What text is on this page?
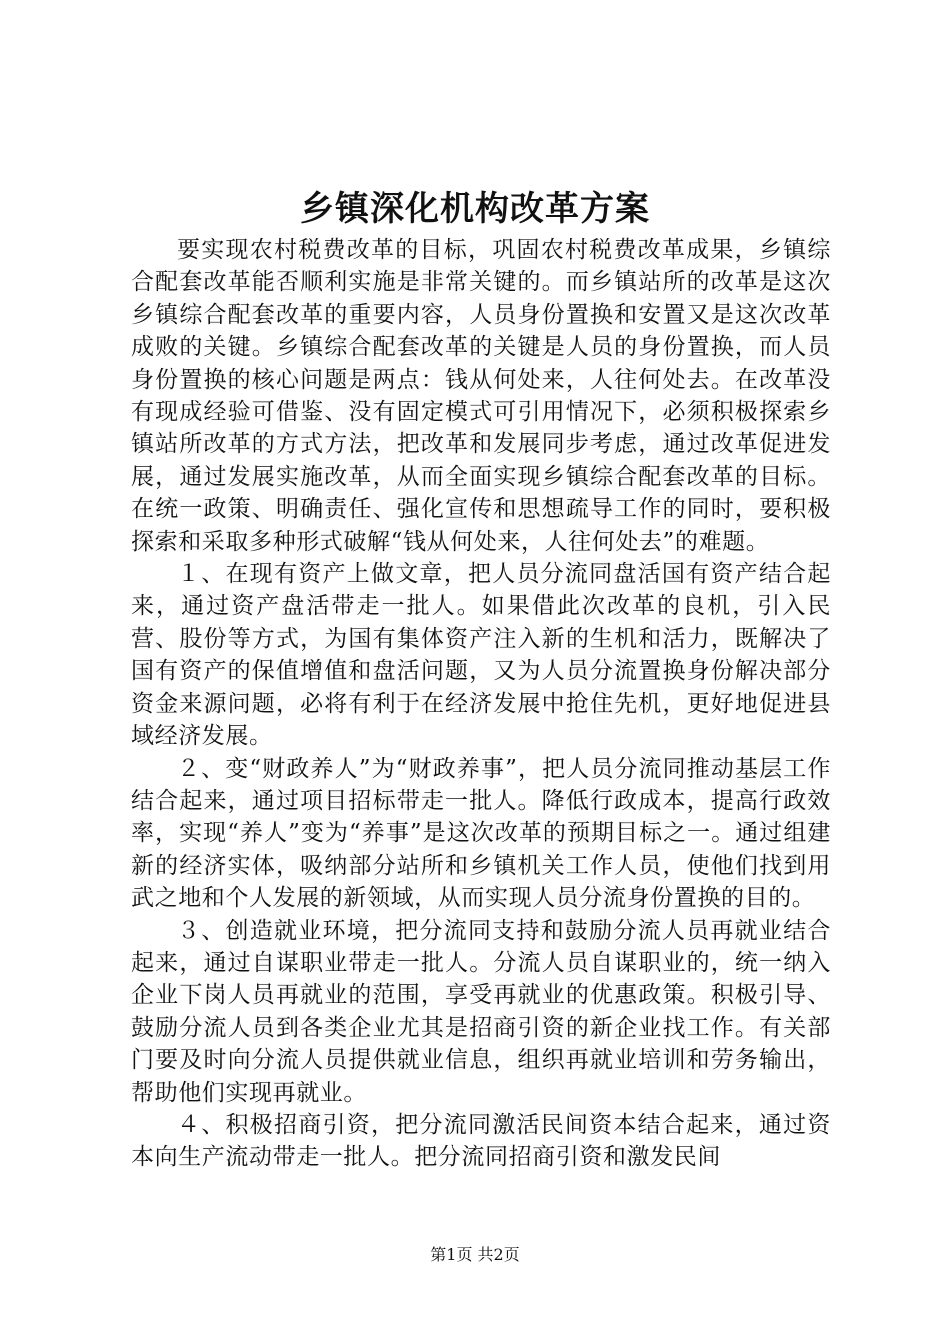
乡镇深化机构改革方案

要实现农村税费改革的目标，巩固农村税费改革成果，乡镇综合配套改革能否顺利实施是非常关键的。而乡镇站所的改革是这次乡镇综合配套改革的重要内容，人员身份置换和安置又是这次改革成败的关键。乡镇综合配套改革的关键是人员的身份置换，而人员身份置换的核心问题是两点：钱从何处来，人往何处去。在改革没有现成经验可借鉴、没有固定模式可引用情况下，必须积极探索乡镇站所改革的方式方法，把改革和发展同步考虑，通过改革促进发展，通过发展实施改革，从而全面实现乡镇综合配套改革的目标。在统一政策、明确责任、强化宣传和思想疏导工作的同时，要积极探索和采取多种形式破解“钱从何处来，人往何处去”的难题。

１、在现有资产上做文章，把人员分流同盘活国有资产结合起来，通过资产盘活带走一批人。如果借此次改革的良机，引入民营、股份等方式，为国有集体资产注入新的生机和活力，既解决了国有资产的保值增值和盘活问题，又为人员分流置换身份解决部分资金来源问题，必将有利于在经济发展中抢住先机，更好地促进县域经济发展。

２、变“财政养人”为“财政养事”，把人员分流同推动基层工作结合起来，通过项目招标带走一批人。降低行政成本，提高行政效率，实现“养人”变为“养事”是这次改革的预期目标之一。通过组建新的经济实体，吸纳部分站所和乡镇机关工作人员，使他们找到用武之地和个人发展的新领域，从而实现人员分流身份置换的目的。

３、创造就业环境，把分流同支持和鼓励分流人员再就业结合起来，通过自谋职业带走一批人。分流人员自谋职业的，统一纳入企业下岗人员再就业的范围，享受再就业的优惠政策。积极引导、鼓励分流人员到各类企业尤其是招商引资的新企业找工作。有关部门要及时向分流人员提供就业信息，组织再就业培训和劳务输出，帮助他们实现再就业。

４、积极招商引资，把分流同激活民间资本结合起来，通过资本向生产流动带走一批人。把分流同招商引资和激发民间

第1页 共2页
